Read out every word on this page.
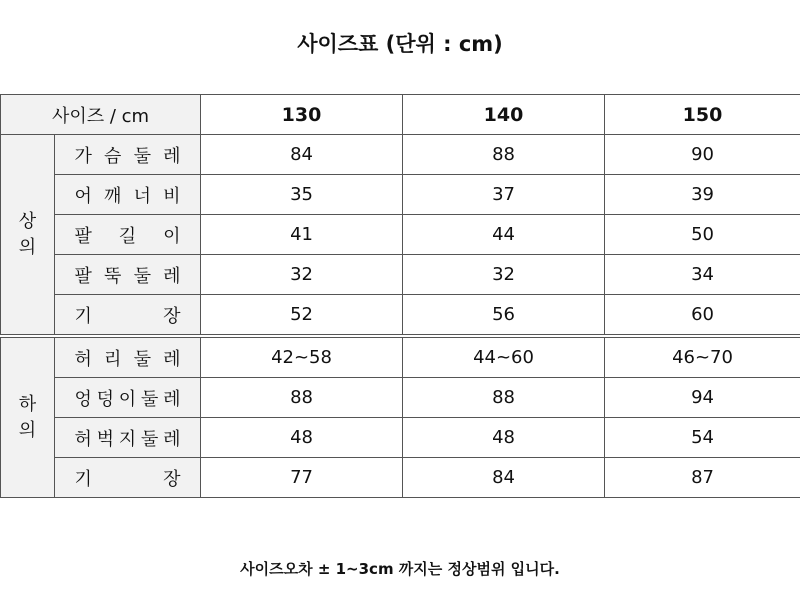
사이즈표 (단위 : cm)
사이즈 / cm		130	140	150
상
의	가 슴 둘 레	84	88	90

	어 깨 너 비	35	37	39

	팔 길 이	41	44	50

	팔 뚝 둘 레	32	32	34

	기 장	52	56	60

하
의	허 리 둘 레	42~58	44~60	46~70

	엉 덩 이 둘 레	88	88	94

	허 벅 지 둘 레	48	48	54

	기 장	77	84	87
사이즈오차 ± 1~3cm 까지는 정상범위 입니다.
